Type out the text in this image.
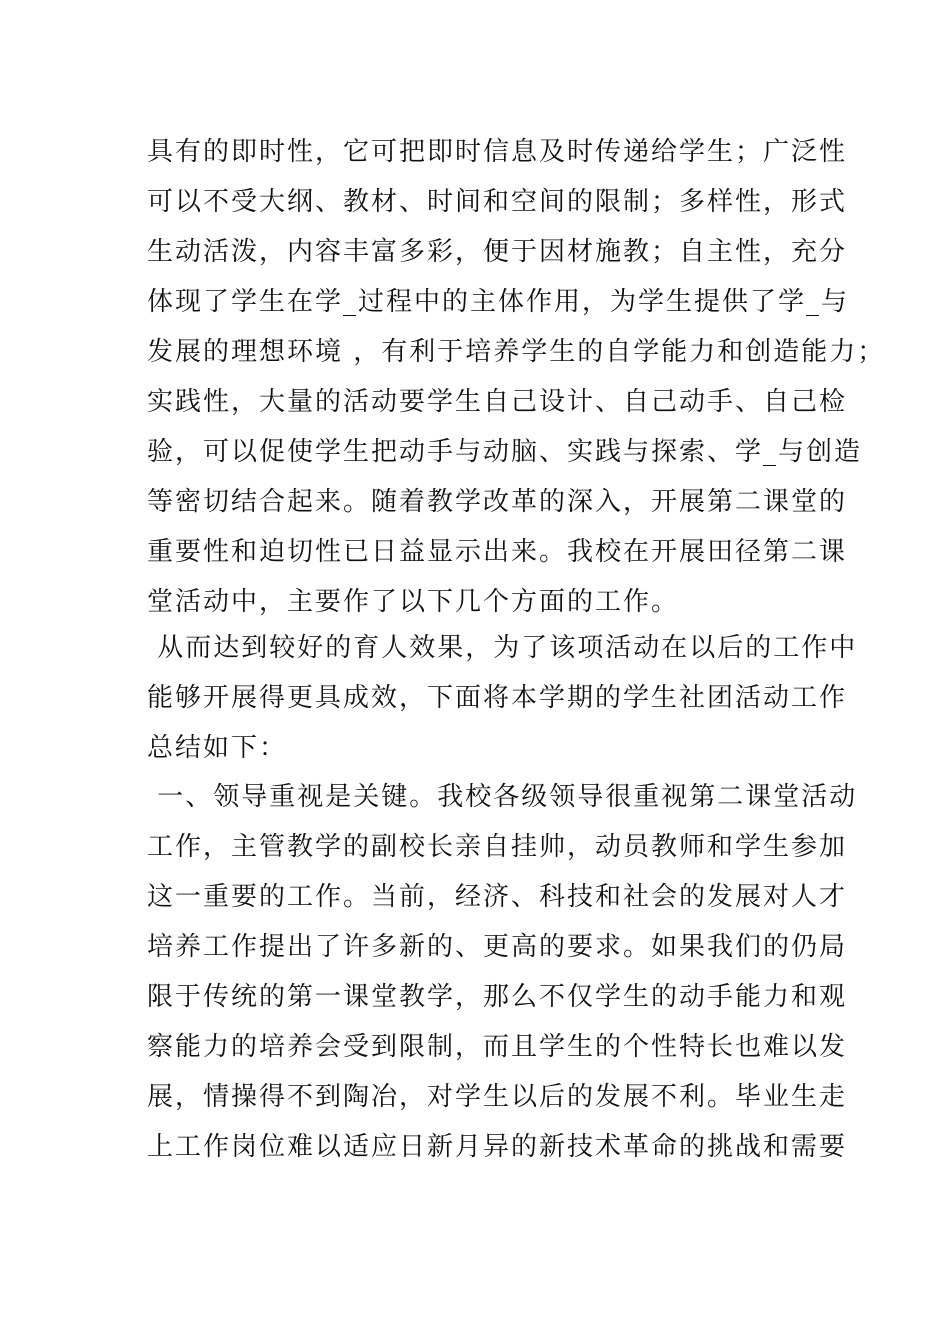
具有的即时性，它可把即时信息及时传递给学生；广泛性
可以不受大纲、教材、时间和空间的限制；多样性，形式
生动活泼，内容丰富多彩，便于因材施教；自主性，充分
体现了学生在学_过程中的主体作用，为学生提供了学_与
发展的理想环境 ，有利于培养学生的自学能力和创造能力；
实践性，大量的活动要学生自己设计、自己动手、自己检
验，可以促使学生把动手与动脑、实践与探索、学_与创造
等密切结合起来。随着教学改革的深入，开展第二课堂的
重要性和迫切性已日益显示出来。我校在开展田径第二课
堂活动中，主要作了以下几个方面的工作。
从而达到较好的育人效果，为了该项活动在以后的工作中
能够开展得更具成效，下面将本学期的学生社团活动工作
总结如下：
一、领导重视是关键。我校各级领导很重视第二课堂活动
工作，主管教学的副校长亲自挂帅，动员教师和学生参加
这一重要的工作。当前，经济、科技和社会的发展对人才
培养工作提出了许多新的、更高的要求。如果我们的仍局
限于传统的第一课堂教学，那么不仅学生的动手能力和观
察能力的培养会受到限制，而且学生的个性特长也难以发
展，情操得不到陶冶，对学生以后的发展不利。毕业生走
上工作岗位难以适应日新月异的新技术革命的挑战和需要
